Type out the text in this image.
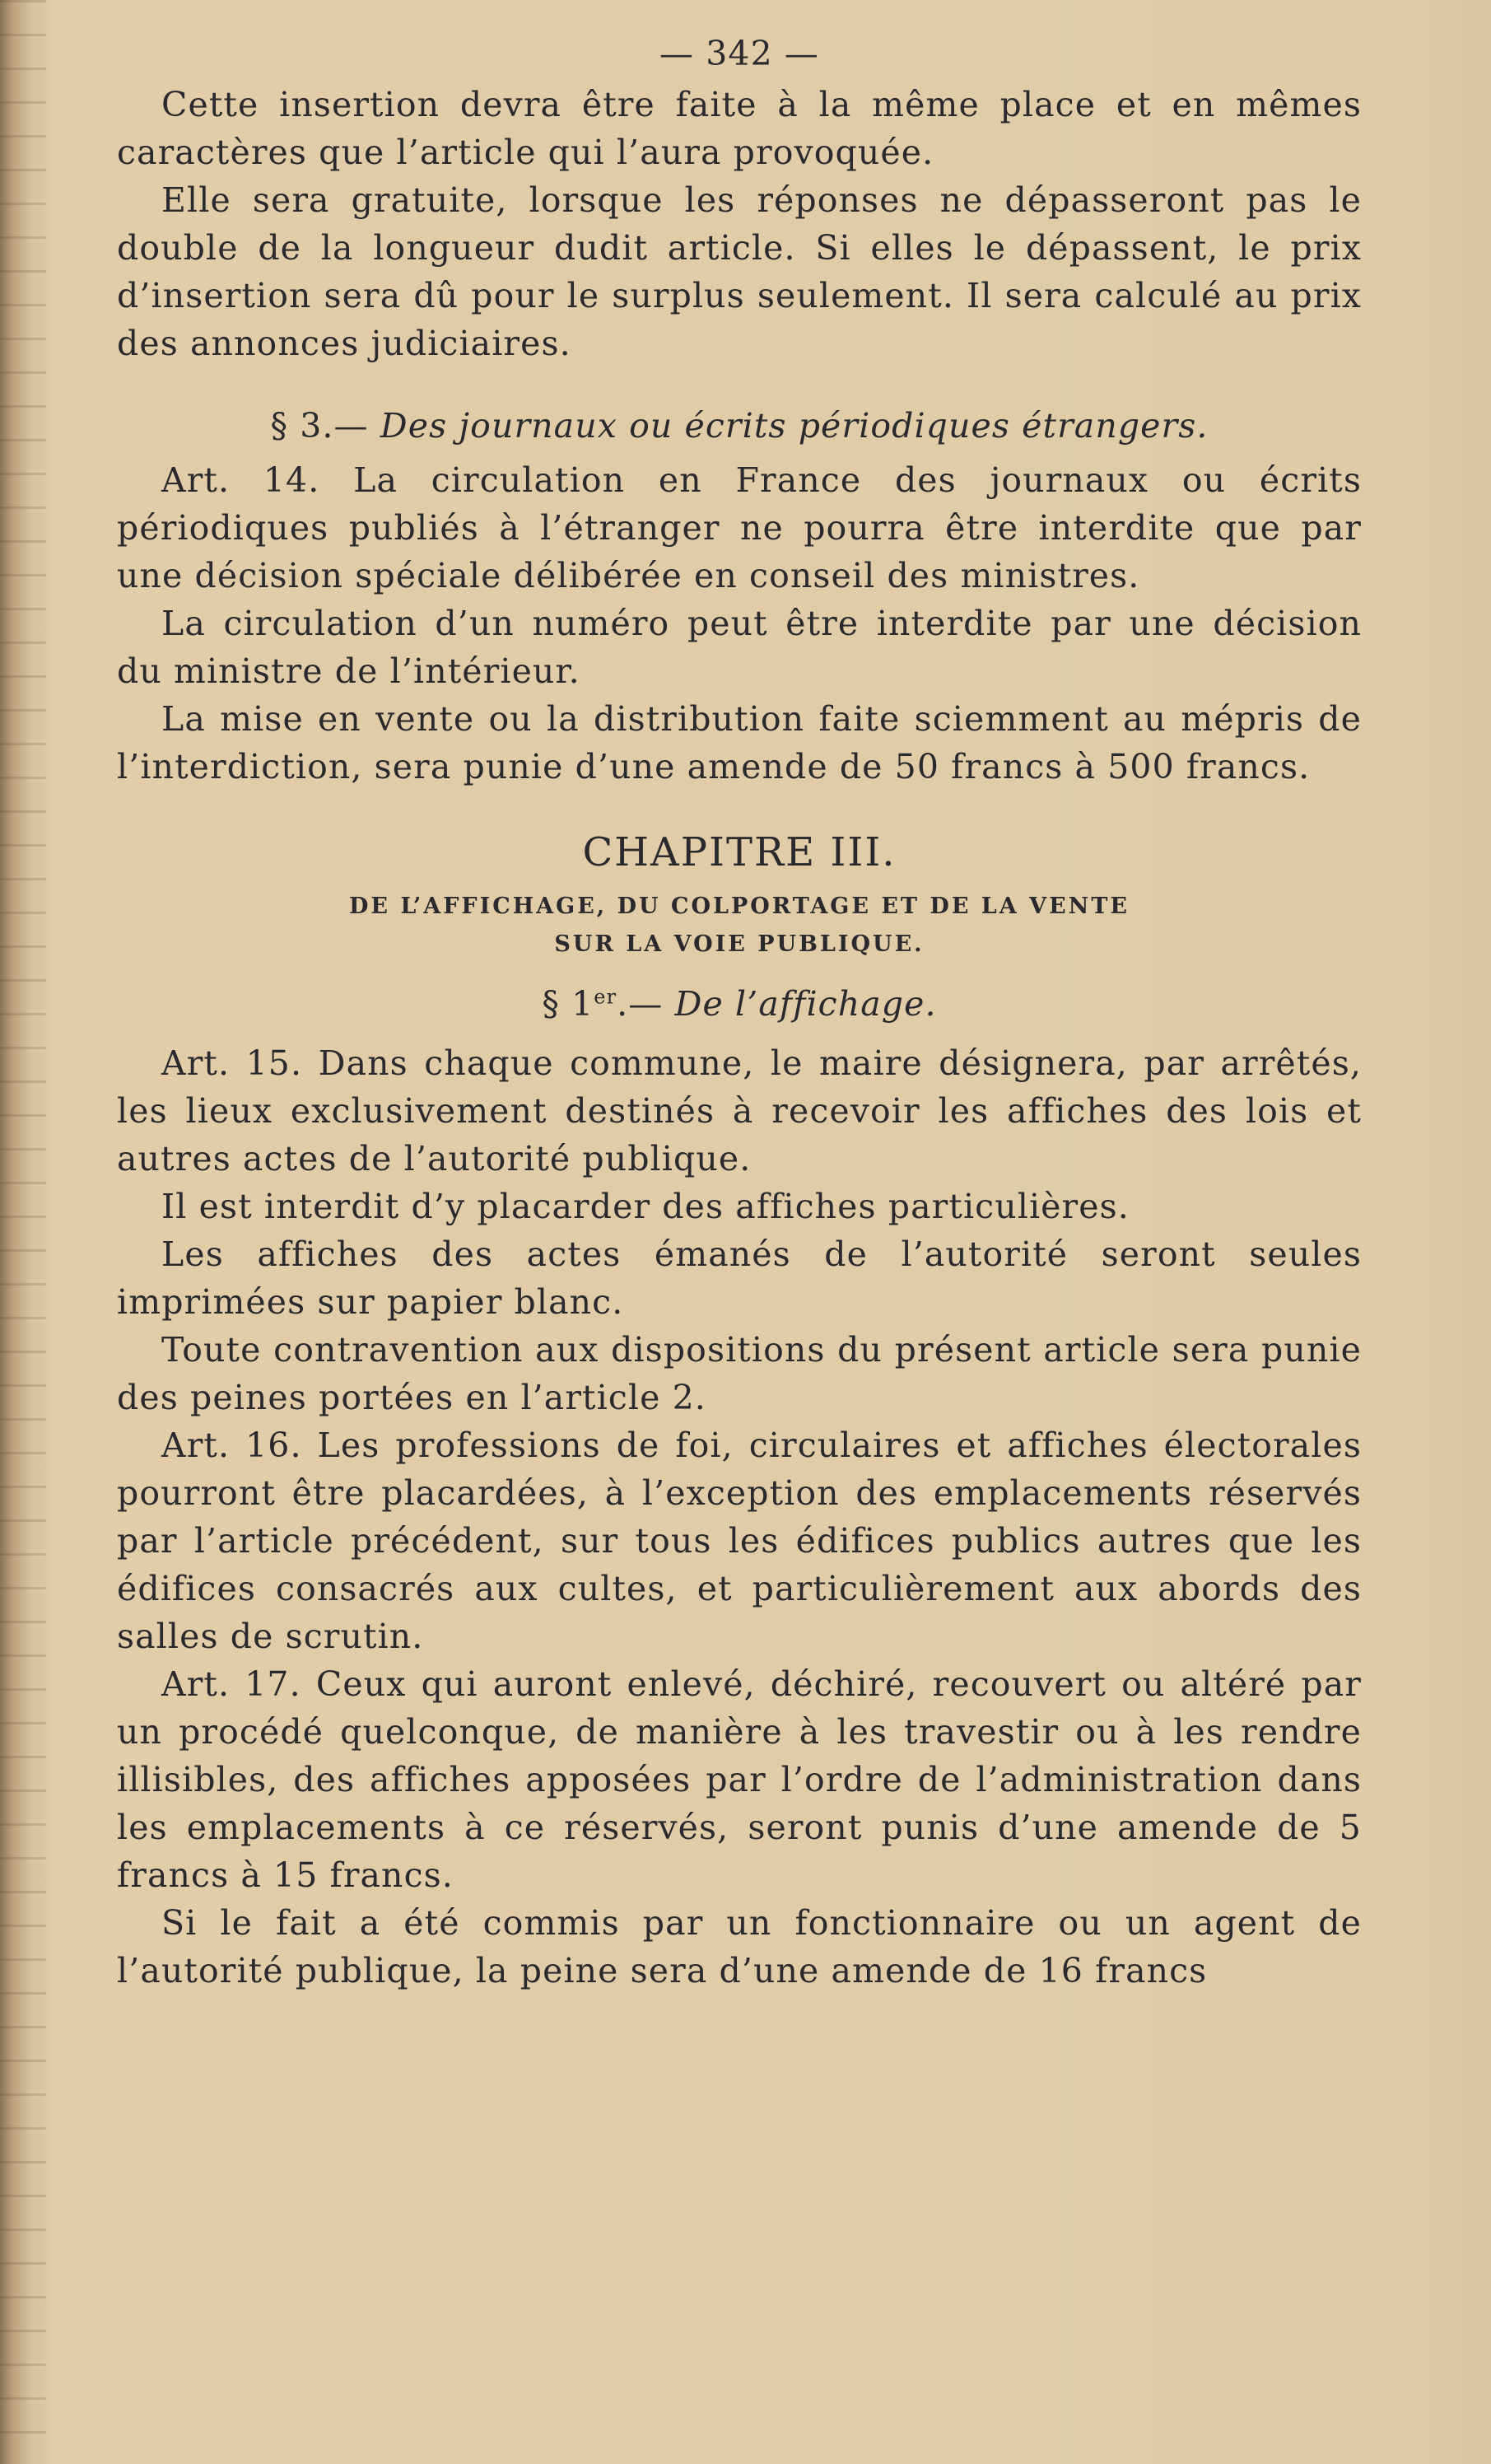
— 342 —

Cette insertion devra être faite à la même place et en mêmes caractères que l’article qui l’aura provoquée.

Elle sera gratuite, lorsque les réponses ne dépasseront pas le double de la longueur dudit article. Si elles le dépassent, le prix d’insertion sera dû pour le surplus seulement. Il sera calculé au prix des annonces judiciaires.

§ 3.— Des journaux ou écrits périodiques étrangers.

Art. 14. La circulation en France des journaux ou écrits périodiques publiés à l’étranger ne pourra être interdite que par une décision spéciale délibérée en conseil des ministres.

La circulation d’un numéro peut être interdite par une décision du ministre de l’intérieur.

La mise en vente ou la distribution faite sciemment au mépris de l’interdiction, sera punie d’une amende de 50 francs à 500 francs.

CHAPITRE III.
DE L’AFFICHAGE, DU COLPORTAGE ET DE LA VENTE
SUR LA VOIE PUBLIQUE.
§ 1er.— De l’affichage.

Art. 15. Dans chaque commune, le maire désignera, par arrêtés, les lieux exclusivement destinés à recevoir les affiches des lois et autres actes de l’autorité publique.

Il est interdit d’y placarder des affiches particulières.

Les affiches des actes émanés de l’autorité seront seules imprimées sur papier blanc.

Toute contravention aux dispositions du présent article sera punie des peines portées en l’article 2.

Art. 16. Les professions de foi, circulaires et affiches électorales pourront être placardées, à l’exception des emplacements réservés par l’article précédent, sur tous les édifices publics autres que les édifices consacrés aux cultes, et particulièrement aux abords des salles de scrutin.

Art. 17. Ceux qui auront enlevé, déchiré, recouvert ou altéré par un procédé quelconque, de manière à les travestir ou à les rendre illisibles, des affiches apposées par l’ordre de l’administration dans les emplacements à ce réservés, seront punis d’une amende de 5 francs à 15 francs.

Si le fait a été commis par un fonctionnaire ou un agent de l’autorité publique, la peine sera d’une amende de 16 francs
